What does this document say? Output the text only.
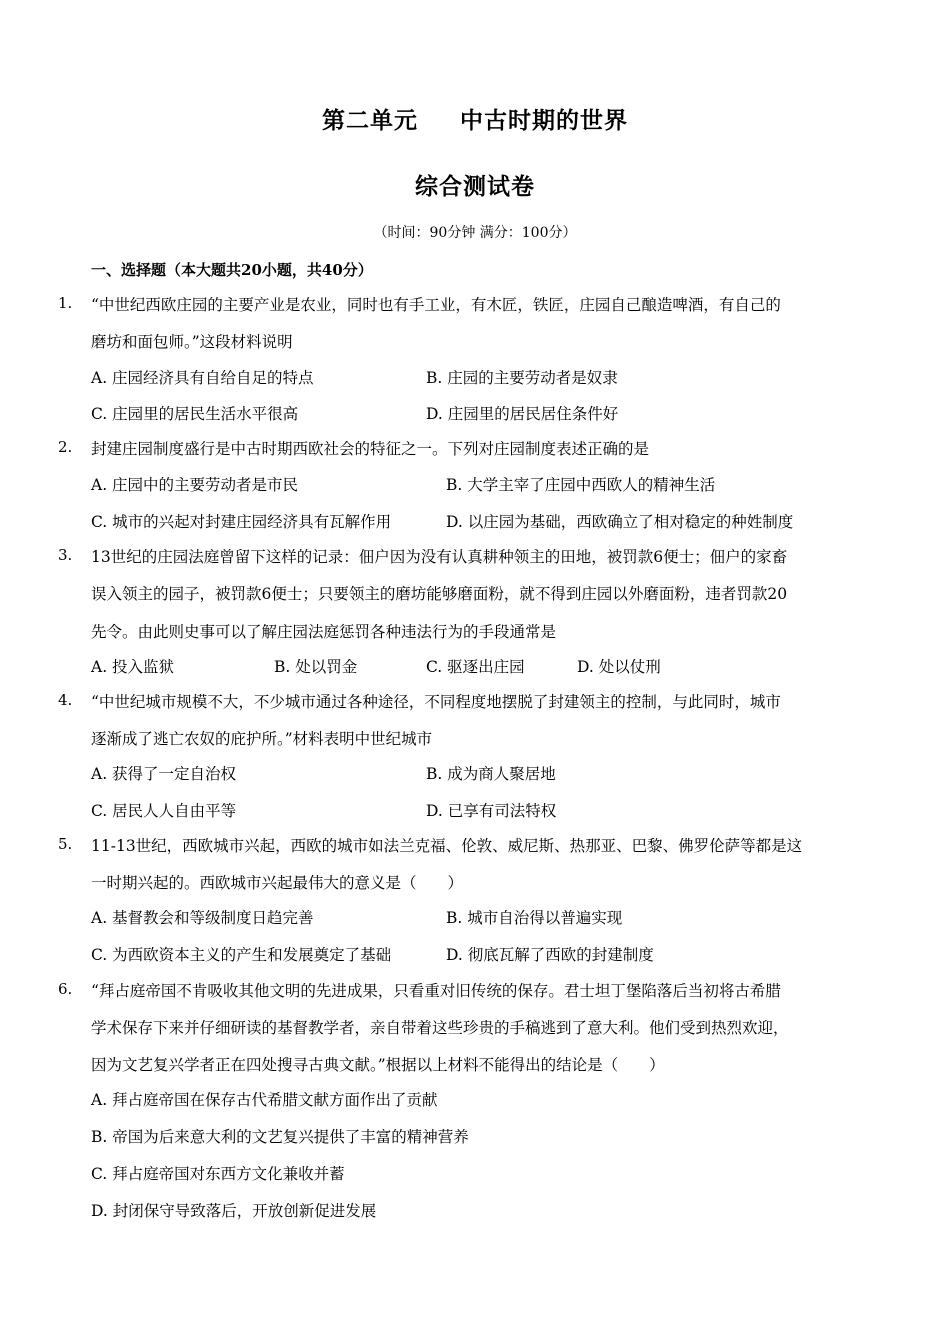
第二单元 中古时期的世界
综合测试卷
（时间：90分钟 满分：100分）
一、选择题（本大题共20小题，共40分）
1. “中世纪西欧庄园的主要产业是农业，同时也有手工业，有木匠，铁匠，庄园自己酿造啤酒，有自己的
磨坊和面包师。”这段材料说明
A. 庄园经济具有自给自足的特点	B. 庄园的主要劳动者是奴隶
C. 庄园里的居民生活水平很高	D. 庄园里的居民居住条件好
2. 封建庄园制度盛行是中古时期西欧社会的特征之一。下列对庄园制度表述正确的是
A. 庄园中的主要劳动者是市民	B. 大学主宰了庄园中西欧人的精神生活
C. 城市的兴起对封建庄园经济具有瓦解作用	D. 以庄园为基础，西欧确立了相对稳定的种姓制度
3. 13世纪的庄园法庭曾留下这样的记录：佃户因为没有认真耕种领主的田地，被罚款6便士；佃户的家畜
误入领主的园子，被罚款6便士；只要领主的磨坊能够磨面粉，就不得到庄园以外磨面粉，违者罚款20
先令。由此则史事可以了解庄园法庭惩罚各种违法行为的手段通常是
A. 投入监狱	B. 处以罚金	C. 驱逐出庄园	D. 处以仗刑
4. “中世纪城市规模不大，不少城市通过各种途径，不同程度地摆脱了封建领主的控制，与此同时，城市
逐渐成了逃亡农奴的庇护所。”材料表明中世纪城市
A. 获得了一定自治权	B. 成为商人聚居地
C. 居民人人自由平等	D. 已享有司法特权
5. 11-13世纪，西欧城市兴起，西欧的城市如法兰克福、伦敦、威尼斯、热那亚、巴黎、佛罗伦萨等都是这
一时期兴起的。西欧城市兴起最伟大的意义是（　　）
A. 基督教会和等级制度日趋完善	B. 城市自治得以普遍实现
C. 为西欧资本主义的产生和发展奠定了基础	D. 彻底瓦解了西欧的封建制度
6. “拜占庭帝国不肯吸收其他文明的先进成果，只看重对旧传统的保存。君士坦丁堡陷落后当初将古希腊
学术保存下来并仔细研读的基督教学者，亲自带着这些珍贵的手稿逃到了意大利。他们受到热烈欢迎，
因为文艺复兴学者正在四处搜寻古典文献。”根据以上材料不能得出的结论是（　　）
A. 拜占庭帝国在保存古代希腊文献方面作出了贡献
B. 帝国为后来意大利的文艺复兴提供了丰富的精神营养
C. 拜占庭帝国对东西方文化兼收并蓄
D. 封闭保守导致落后，开放创新促进发展
